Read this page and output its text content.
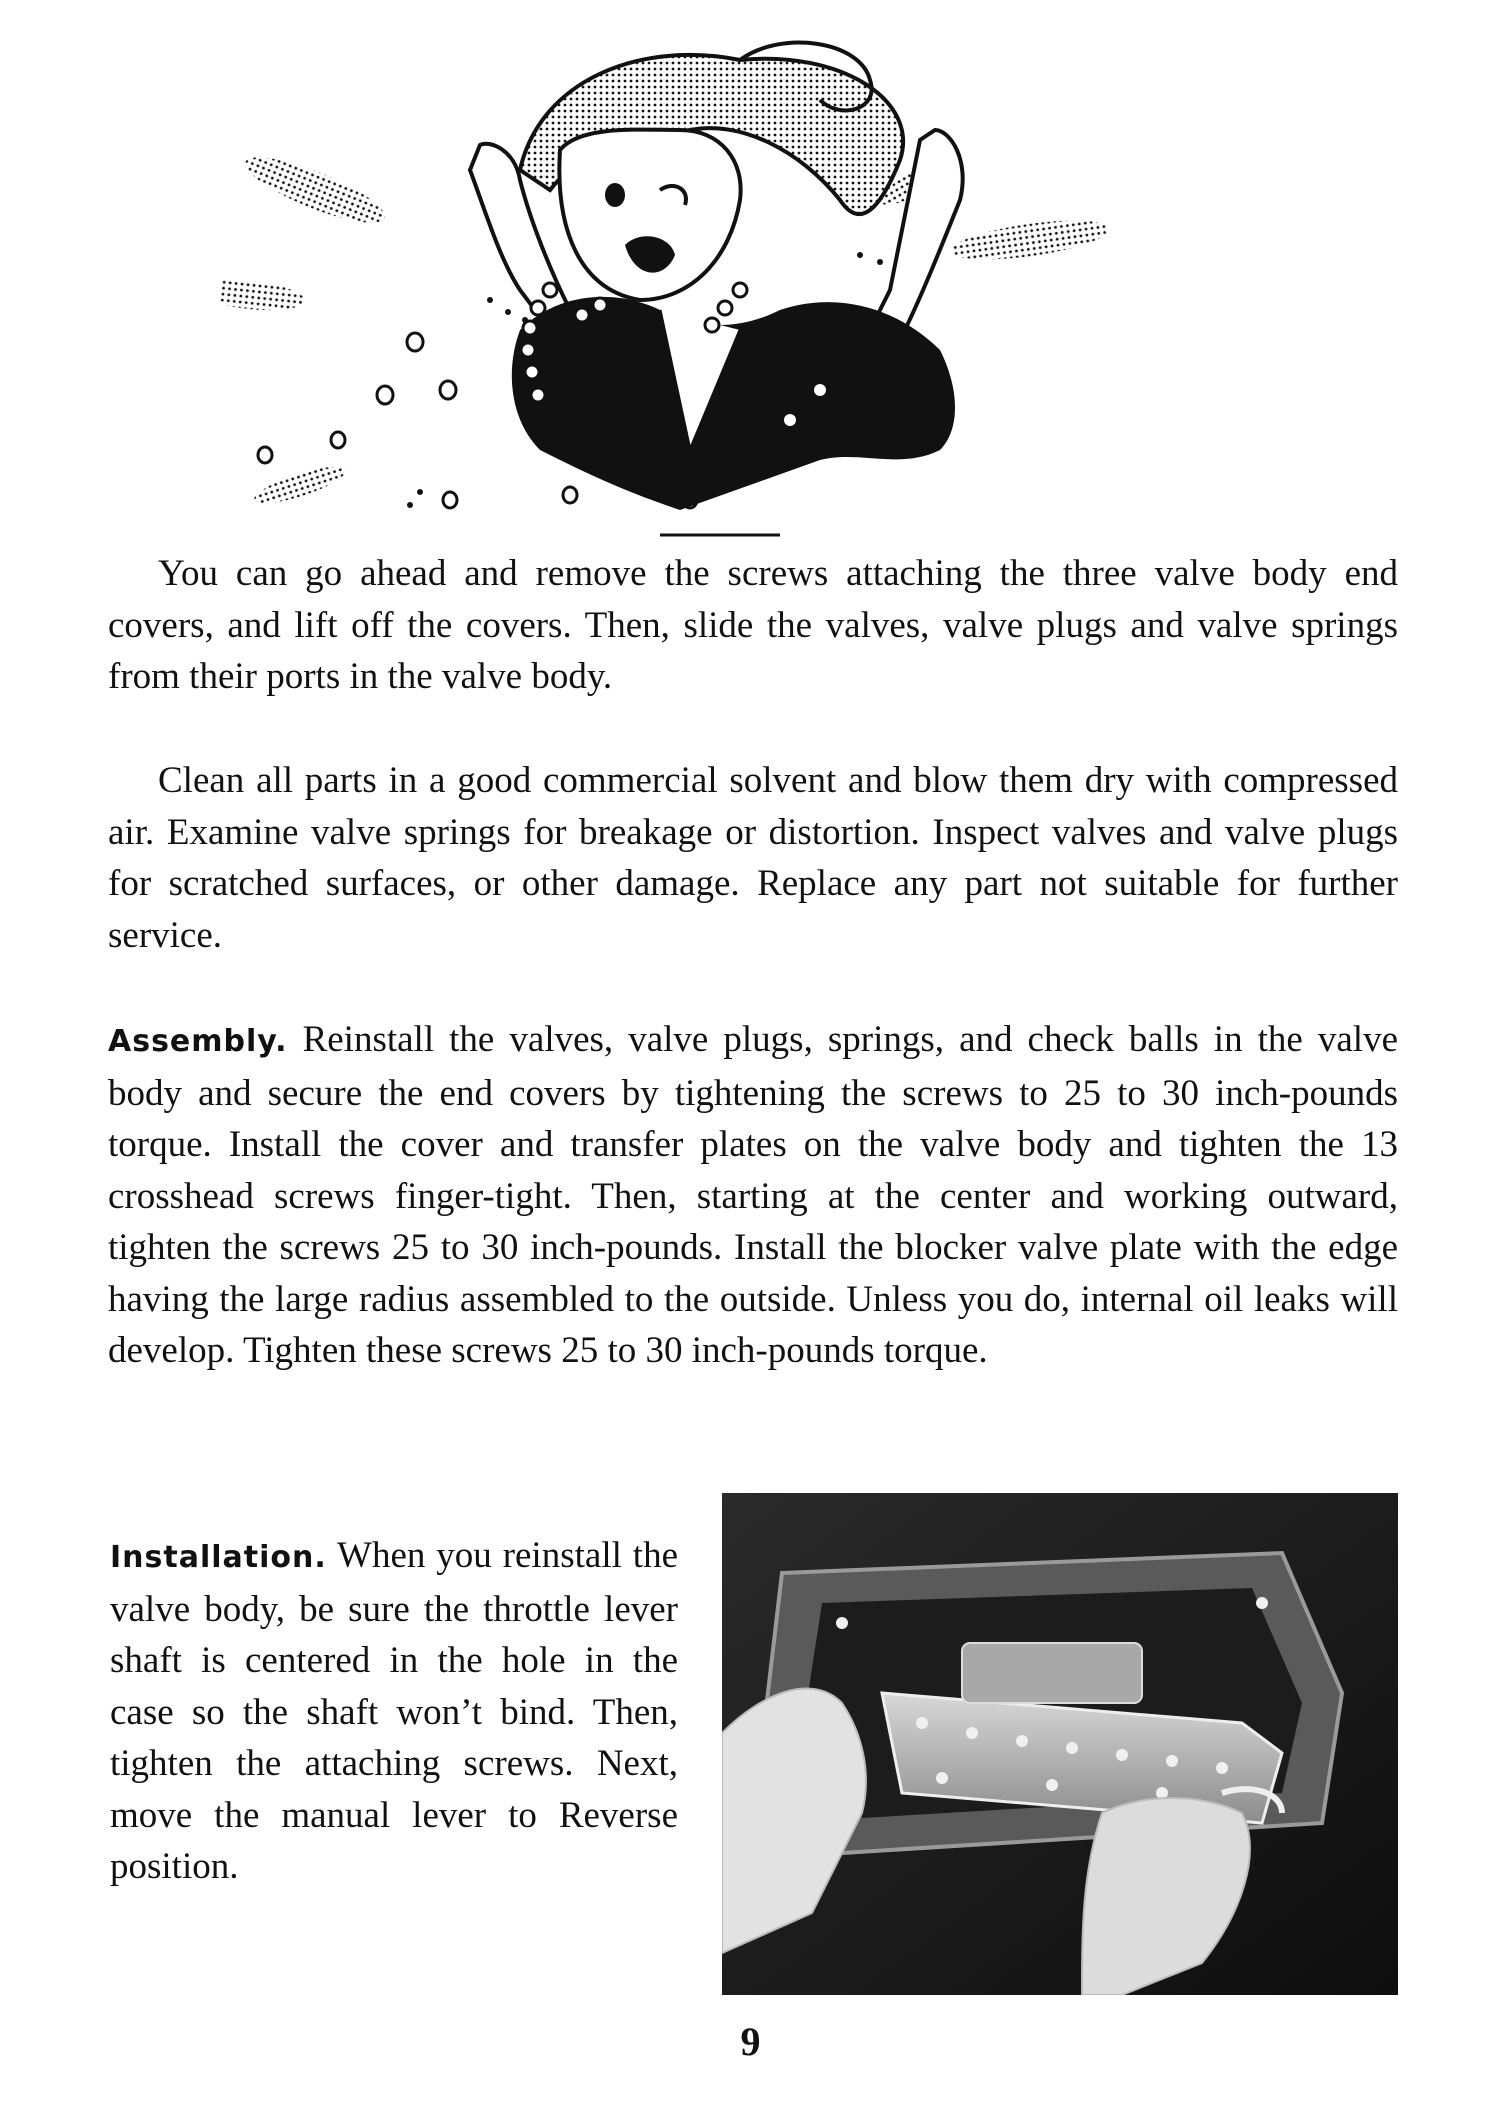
You can go ahead and remove the screws attaching the three valve body end covers, and lift off the covers. Then, slide the valves, valve plugs and valve springs from their ports in the valve body.

Clean all parts in a good commercial solvent and blow them dry with compressed air. Examine valve springs for breakage or distortion. Inspect valves and valve plugs for scratched surfaces, or other damage. Replace any part not suitable for further service.

Assembly. Reinstall the valves, valve plugs, springs, and check balls in the valve body and secure the end covers by tightening the screws to 25 to 30 inch-pounds torque. Install the cover and transfer plates on the valve body and tighten the 13 crosshead screws finger-tight. Then, starting at the center and working outward, tighten the screws 25 to 30 inch-pounds. Install the blocker valve plate with the edge having the large radius assembled to the outside. Unless you do, internal oil leaks will develop. Tighten these screws 25 to 30 inch-pounds torque.

Installation. When you reinstall the valve body, be sure the throttle lever shaft is centered in the hole in the case so the shaft won’t bind. Then, tighten the attaching screws. Next, move the manual lever to Reverse position.

9
